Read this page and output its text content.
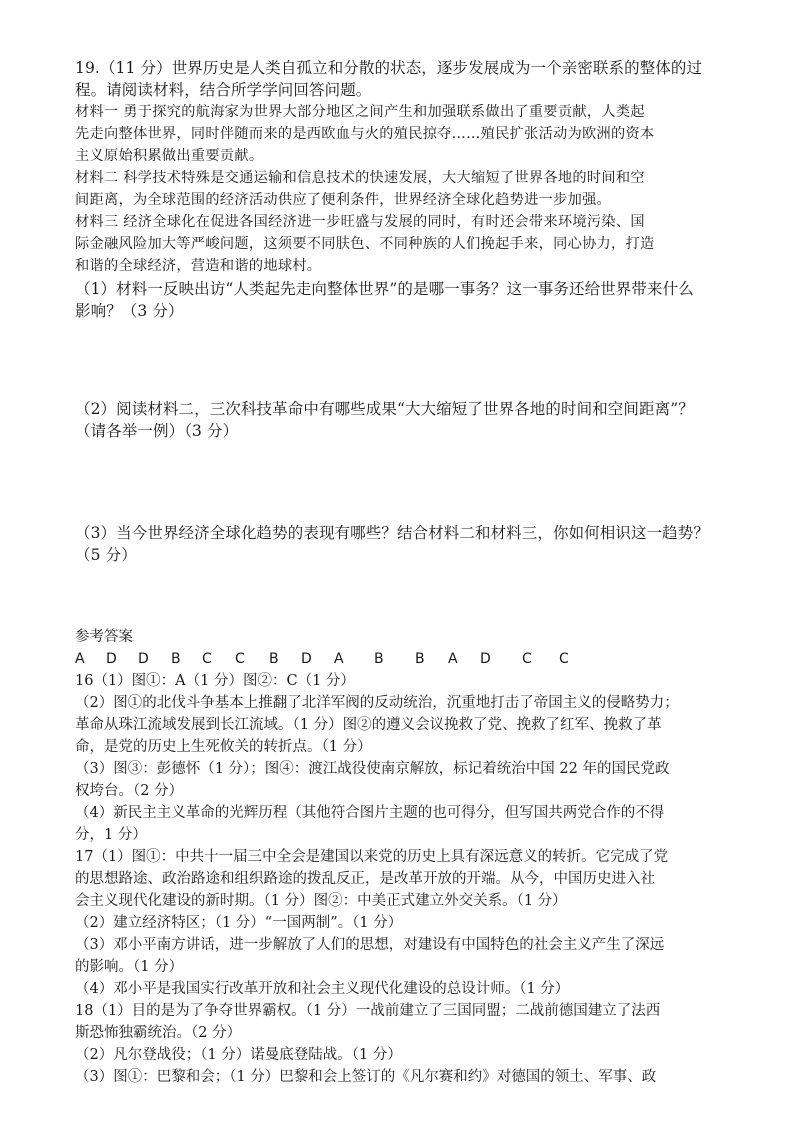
19.（11 分）世界历史是人类自孤立和分散的状态，逐步发展成为一个亲密联系的整体的过
程。请阅读材料，结合所学学问回答问题。
材料一 勇于探究的航海家为世界大部分地区之间产生和加强联系做出了重要贡献，人类起
先走向整体世界，同时伴随而来的是西欧血与火的殖民掠夺……殖民扩张活动为欧洲的资本
主义原始积累做出重要贡献。
材料二 科学技术特殊是交通运输和信息技术的快速发展，大大缩短了世界各地的时间和空
间距离，为全球范围的经济活动供应了便利条件，世界经济全球化趋势进一步加强。
材料三 经济全球化在促进各国经济进一步旺盛与发展的同时，有时还会带来环境污染、国
际金融风险加大等严峻问题，这须要不同肤色、不同种族的人们挽起手来，同心协力，打造
和谐的全球经济，营造和谐的地球村。
（1）材料一反映出访“人类起先走向整体世界”的是哪一事务？这一事务还给世界带来什么
影响？（3 分）
（2）阅读材料二，三次科技革命中有哪些成果“大大缩短了世界各地的时间和空间距离”？
（请各举一例）（3 分）
（3）当今世界经济全球化趋势的表现有哪些？结合材料二和材料三，你如何相识这一趋势？
（5 分）
参考答案
A D D B C C B D A B B A D C C
16（1）图①：A（1 分）图②：C（1 分）
（2）图①的北伐斗争基本上推翻了北洋军阀的反动统治，沉重地打击了帝国主义的侵略势力；
革命从珠江流域发展到长江流域。（1 分）图②的遵义会议挽救了党、挽救了红军、挽救了革
命，是党的历史上生死攸关的转折点。（1 分）
（3）图③：彭德怀（1 分）；图④：渡江战役使南京解放，标记着统治中国 22 年的国民党政
权垮台。（2 分）
（4）新民主主义革命的光辉历程（其他符合图片主题的也可得分，但写国共两党合作的不得
分，1 分）
17（1）图①：中共十一届三中全会是建国以来党的历史上具有深远意义的转折。它完成了党
的思想路途、政治路途和组织路途的拨乱反正，是改革开放的开端。从今，中国历史进入社
会主义现代化建设的新时期。（1 分）图②：中美正式建立外交关系。（1 分）
（2）建立经济特区；（1 分）“一国两制”。（1 分）
（3）邓小平南方讲话，进一步解放了人们的思想，对建设有中国特色的社会主义产生了深远
的影响。（1 分）
（4）邓小平是我国实行改革开放和社会主义现代化建设的总设计师。（1 分）
18（1）目的是为了争夺世界霸权。（1 分）一战前建立了三国同盟；二战前德国建立了法西
斯恐怖独霸统治。（2 分）
（2）凡尔登战役；（1 分）诺曼底登陆战。（1 分）
（3）图①：巴黎和会；（1 分）巴黎和会上签订的《凡尔赛和约》对德国的领土、军事、政
